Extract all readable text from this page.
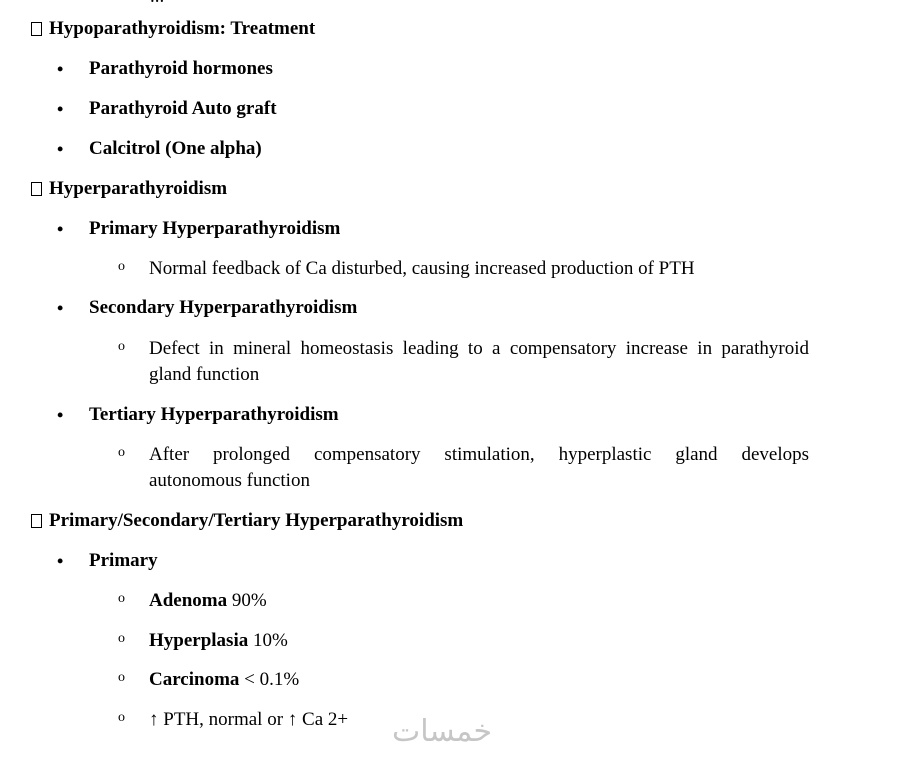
Hypoparathyroidism: Treatment
•	Parathyroid hormones
•	Parathyroid Auto graft
•	Calcitrol (One alpha)
Hyperparathyroidism
•	Primary Hyperparathyroidism
o	Normal feedback of Ca disturbed, causing increased production of PTH
•	Secondary Hyperparathyroidism
o	Defect in mineral homeostasis leading to a compensatory increase in parathyroid
gland function
•	Tertiary Hyperparathyroidism
o	After prolonged compensatory stimulation, hyperplastic gland develops
autonomous function
Primary/Secondary/Tertiary Hyperparathyroidism
•	Primary
o	Adenoma 90%
o	Hyperplasia 10%
o	Carcinoma < 0.1%
o	↑ PTH, normal or ↑ Ca 2+	خمسات
